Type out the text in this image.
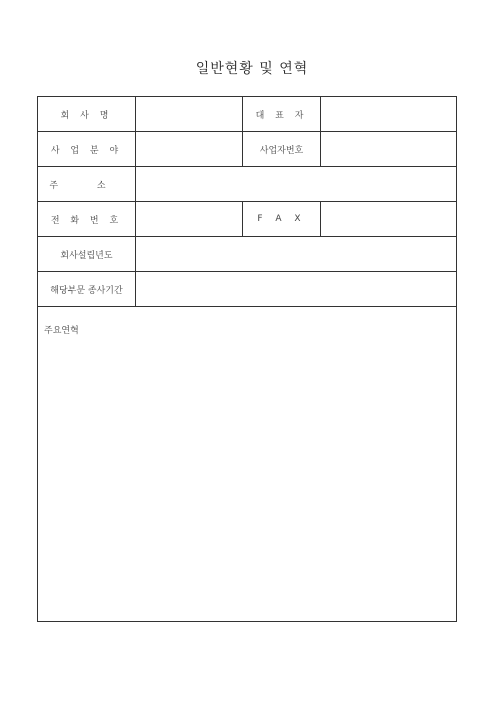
일반현황 및 연혁
회 사 명		대 표 자	
사 업 분 야		사업자번호	
주 소			
전 화 번 호		F A X	
회사설립년도			
해당부문 종사기간			

주요연혁			
